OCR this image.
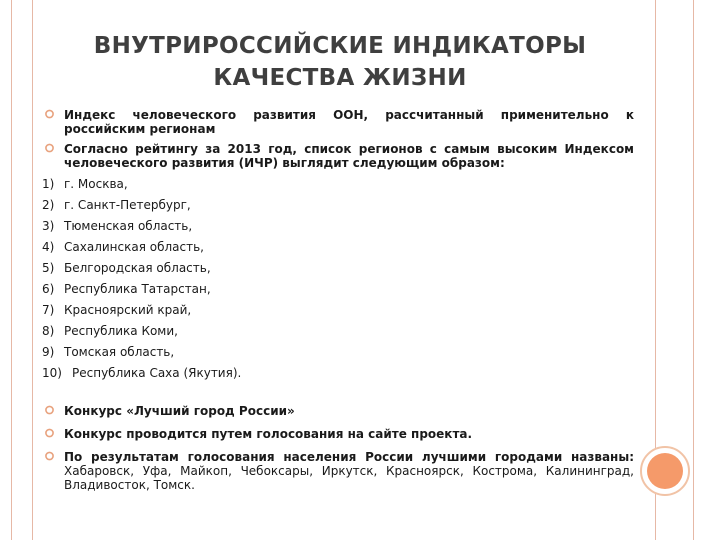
ВНУТРИРОССИЙСКИЕ ИНДИКАТОРЫ
КАЧЕСТВА ЖИЗНИ
Индекс человеческого развития ООН, рассчитанный применительно к российским регионам
Согласно рейтингу за 2013 год, список регионов с самым высоким Индексом человеческого развития (ИЧР) выглядит следующим образом:
1) г. Москва,
2) г. Санкт-Петербург,
3) Тюменская область,
4) Сахалинская область,
5) Белгородская область,
6) Республика Татарстан,
7) Красноярский край,
8) Республика Коми,
9) Томская область,
10) Республика Саха (Якутия).
Конкурс «Лучший город России»
Конкурс проводится путем голосования на сайте проекта.
По результатам голосования населения России лучшими городами названы: Хабаровск, Уфа, Майкоп, Чебоксары, Иркутск, Красноярск, Кострома, Калининград, Владивосток, Томск.
